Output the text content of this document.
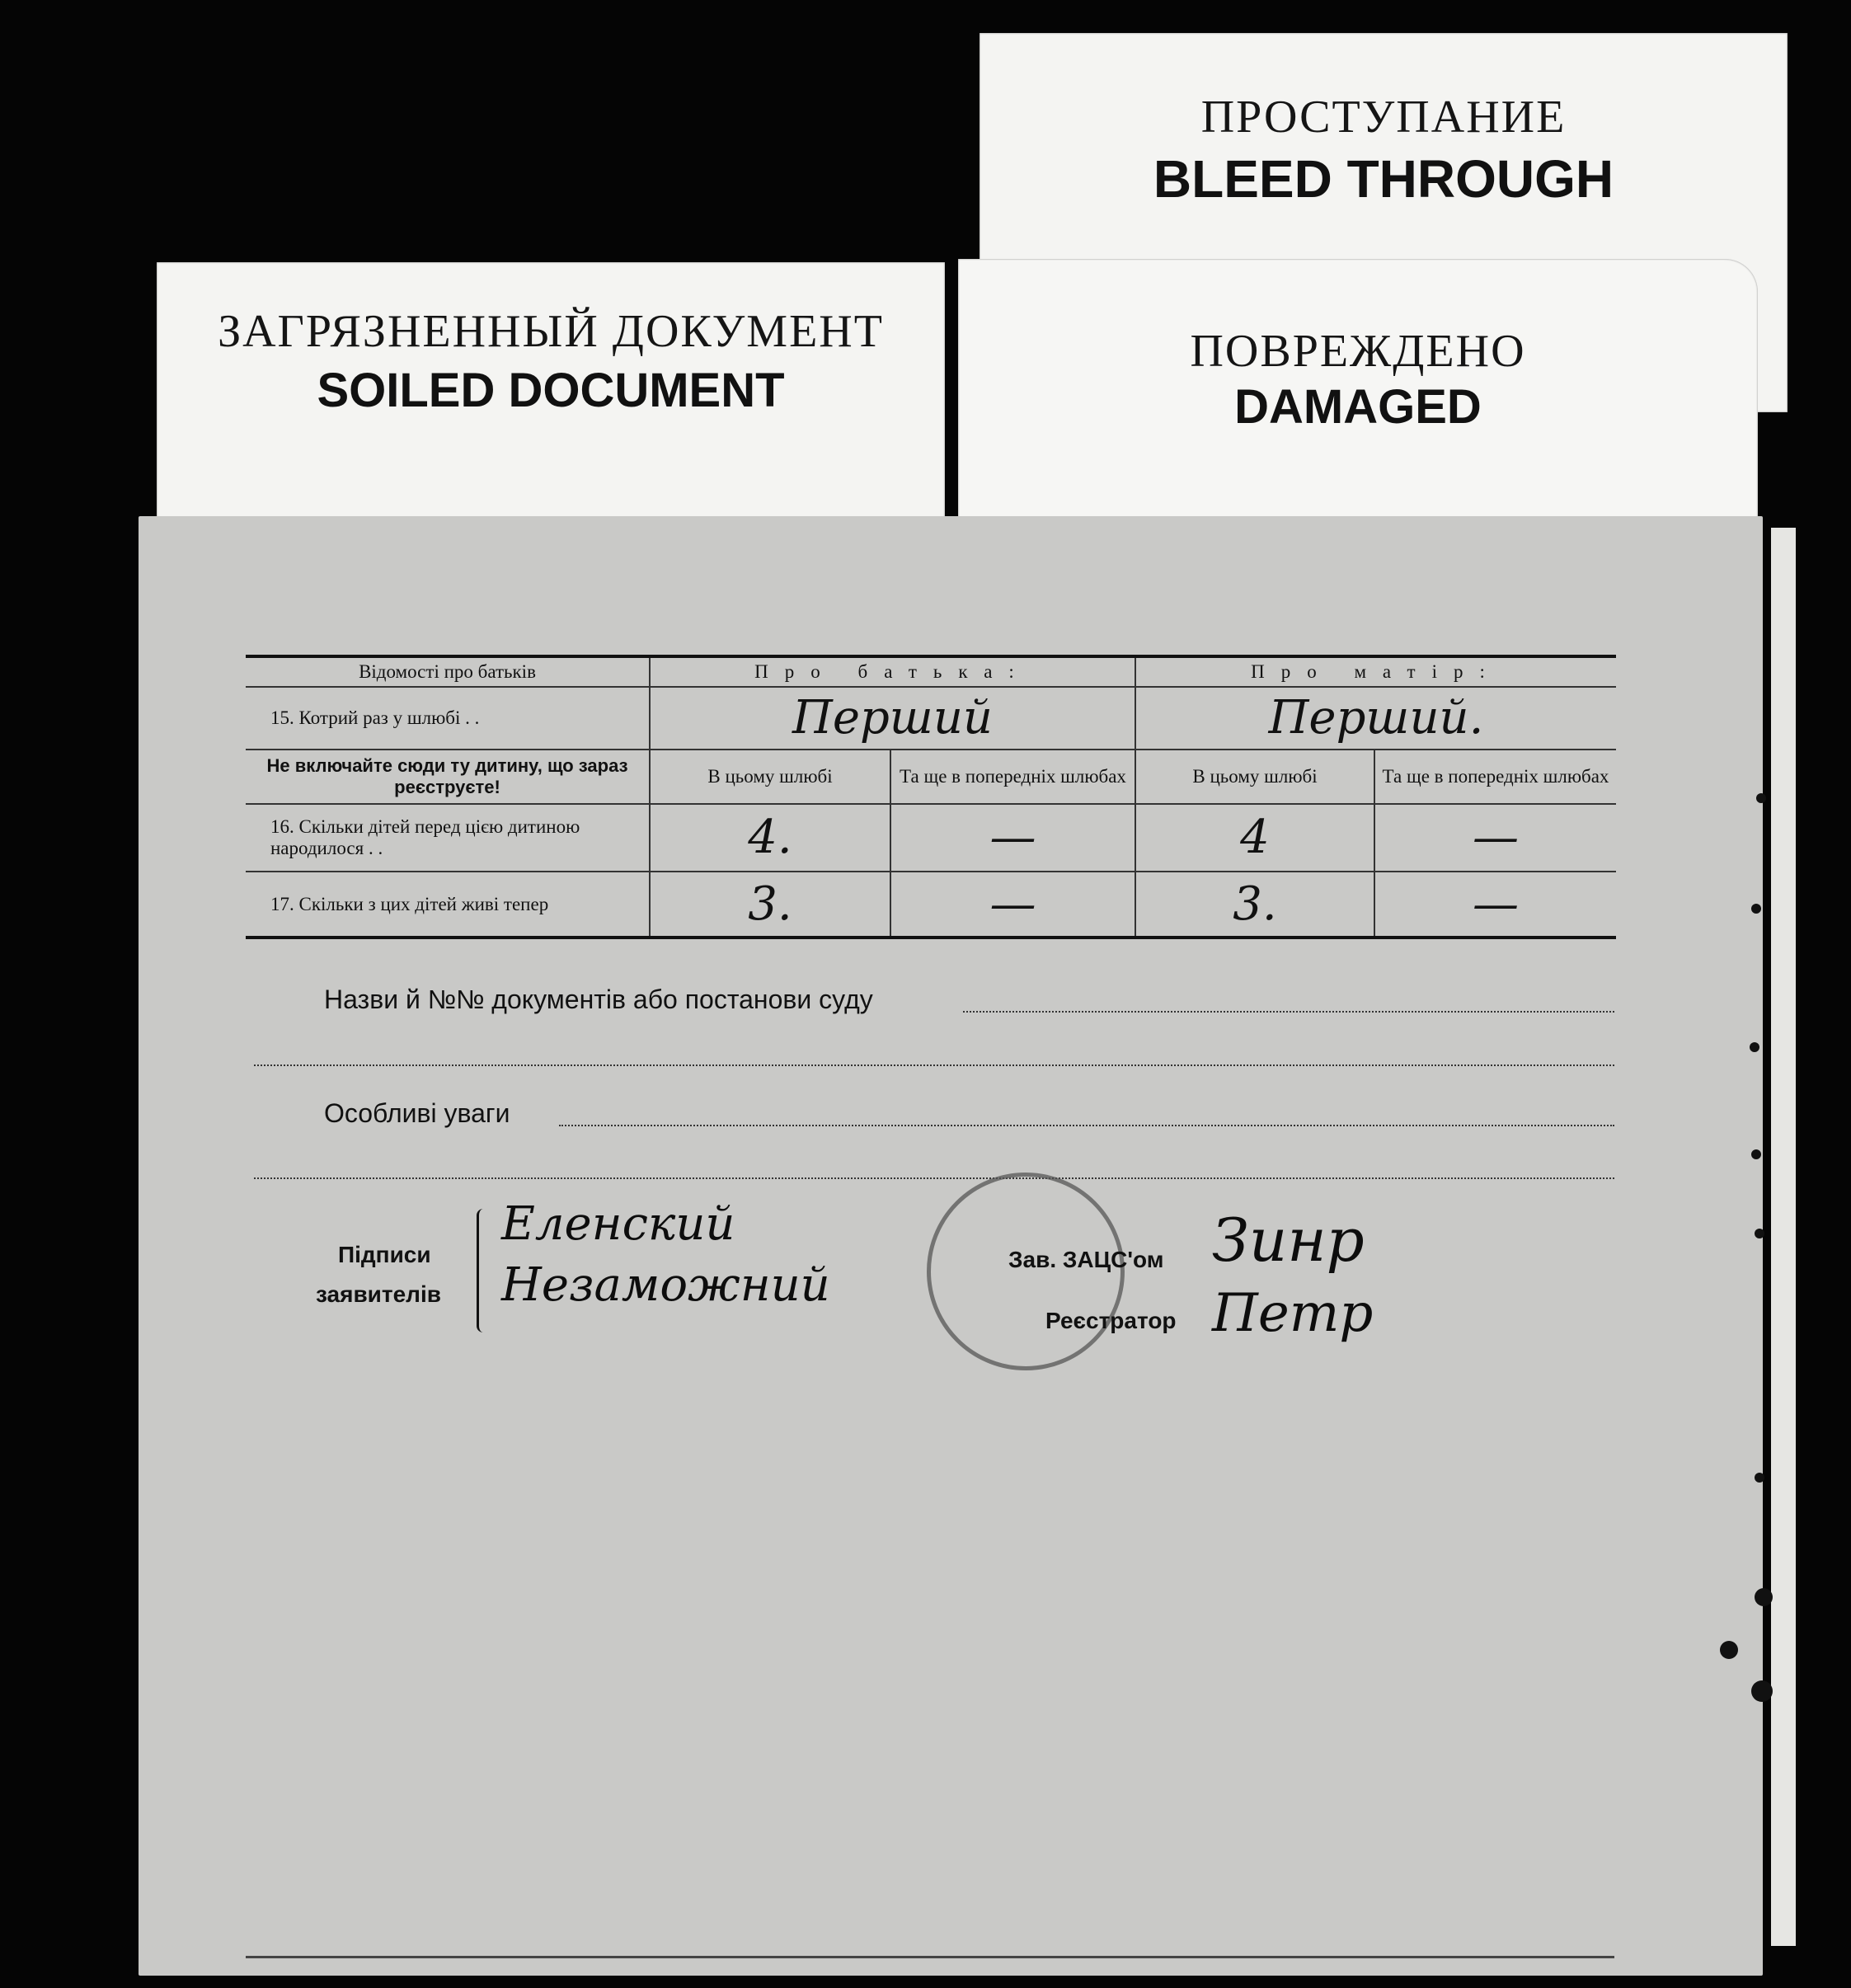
ПРОСТУПАНИЕ
BLEED THROUGH
ЗАГРЯЗНЕННЫЙ ДОКУМЕНТ
SOILED DOCUMENT
ПОВРЕЖДЕНО
DAMAGED
Відомості про батьків	Про батька:		Про матір:	
15. Котрий раз у шлюбі . .	Перший		Перший.	
Не включайте сюди ту дитину, що зараз реєструєте!	В цьому шлюбі	Та ще в попередніх шлюбах	В цьому шлюбі	Та ще в попередніх шлюбах
16. Скільки дітей перед цією дитиною народилося . .	4.	—	4	—
17. Скільки з цих дітей живі тепер	3.	—	3.	—
Назви й №№ документів або постанови суду
Особливі уваги
Підписи
заявителів
Еленский
Незаможний	Зав. ЗАЦС'ом Зинр
Реєстратор Петр
